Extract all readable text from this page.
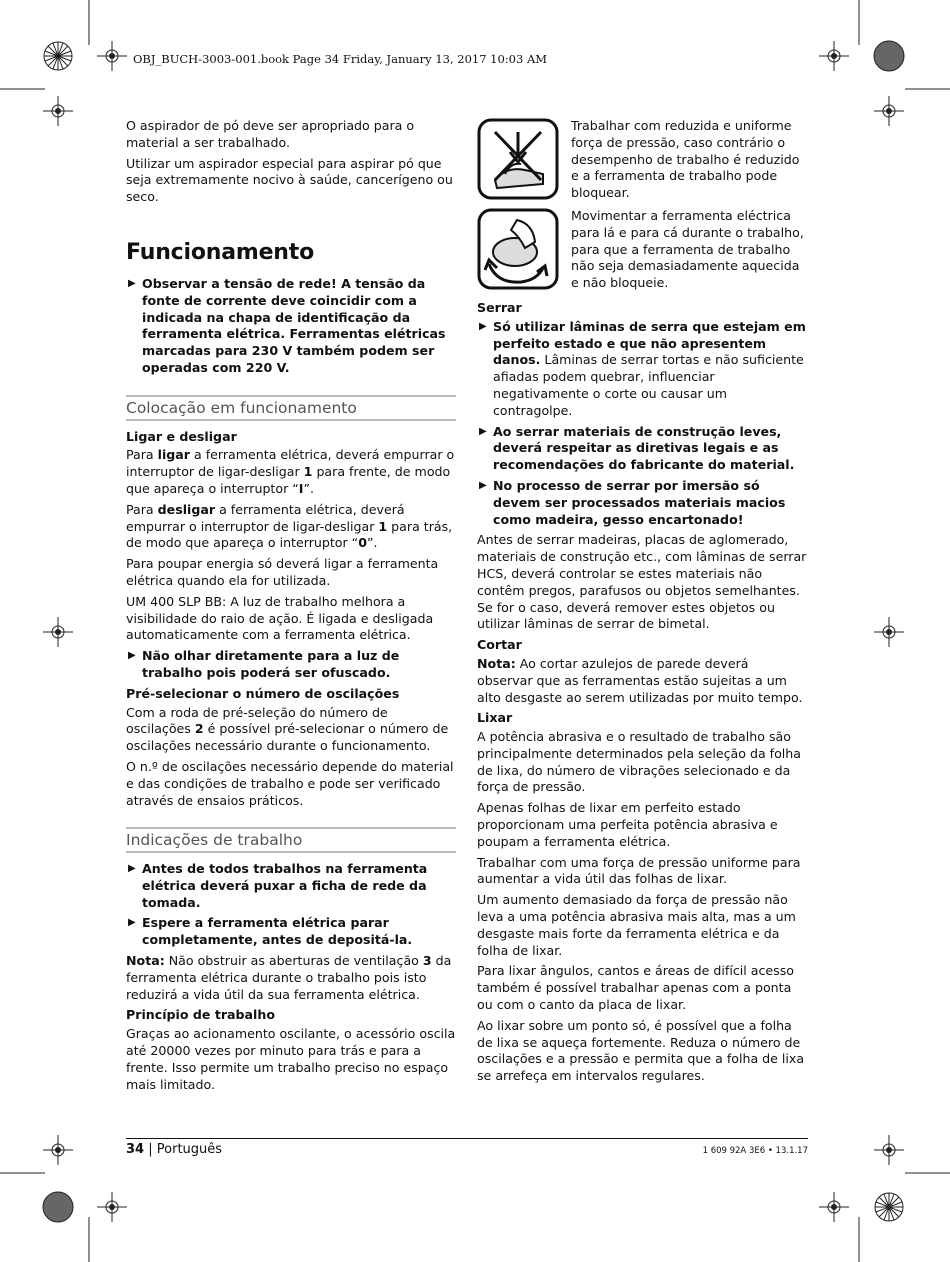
OBJ_BUCH-3003-001.book Page 34 Friday, January 13, 2017 10:03 AM

O aspirador de pó deve ser apropriado para o material a ser trabalhado.

Utilizar um aspirador especial para aspirar pó que seja extremamente nocivo à saúde, cancerígeno ou seco.

Funcionamento
▶ Observar a tensão de rede! A tensão da fonte de corrente deve coincidir com a indicada na chapa de identificação da ferramenta elétrica. Ferramentas elétricas marcadas para 230 V também podem ser operadas com 220 V.
Colocação em funcionamento
Ligar e desligar

Para ligar a ferramenta elétrica, deverá empurrar o interruptor de ligar-desligar 1 para frente, de modo que apareça o interruptor “I”.

Para desligar a ferramenta elétrica, deverá empurrar o interruptor de ligar-desligar 1 para trás, de modo que apareça o interruptor “0”.

Para poupar energia só deverá ligar a ferramenta elétrica quando ela for utilizada.

UM 400 SLP BB: A luz de trabalho melhora a visibilidade do raio de ação. É ligada e desligada automaticamente com a ferramenta elétrica.

▶ Não olhar diretamente para a luz de trabalho pois poderá ser ofuscado.
Pré-selecionar o número de oscilações

Com a roda de pré-seleção do número de oscilações 2 é possível pré-selecionar o número de oscilações necessário durante o funcionamento.

O n.º de oscilações necessário depende do material e das condições de trabalho e pode ser verificado através de ensaios práticos.

Indicações de trabalho
▶ Antes de todos trabalhos na ferramenta elétrica deverá puxar a ficha de rede da tomada.
▶ Espere a ferramenta elétrica parar completamente, antes de depositá-la.

Nota: Não obstruir as aberturas de ventilação 3 da ferramenta elétrica durante o trabalho pois isto reduzirá a vida útil da sua ferramenta elétrica.

Princípio de trabalho

Graças ao acionamento oscilante, o acessório oscila até 20000 vezes por minuto para trás e para a frente. Isso permite um trabalho preciso no espaço mais limitado.

Trabalhar com reduzida e uniforme força de pressão, caso contrário o desempenho de trabalho é reduzido e a ferramenta de trabalho pode bloquear.
Movimentar a ferramenta eléctrica para lá e para cá durante o trabalho, para que a ferramenta de trabalho não seja demasiadamente aquecida e não bloqueie.
Serrar
▶ Só utilizar lâminas de serra que estejam em perfeito estado e que não apresentem danos. Lâminas de serrar tortas e não suficiente afiadas podem quebrar, influenciar negativamente o corte ou causar um contragolpe.
▶ Ao serrar materiais de construção leves, deverá respeitar as diretivas legais e as recomendações do fabricante do material.
▶ No processo de serrar por imersão só devem ser processados materiais macios como madeira, gesso encartonado!

Antes de serrar madeiras, placas de aglomerado, materiais de construção etc., com lâminas de serrar HCS, deverá controlar se estes materiais não contêm pregos, parafusos ou objetos semelhantes. Se for o caso, deverá remover estes objetos ou utilizar lâminas de serrar de bimetal.

Cortar

Nota: Ao cortar azulejos de parede deverá observar que as ferramentas estão sujeitas a um alto desgaste ao serem utilizadas por muito tempo.

Lixar

A potência abrasiva e o resultado de trabalho são principalmente determinados pela seleção da folha de lixa, do número de vibrações selecionado e da força de pressão.

Apenas folhas de lixar em perfeito estado proporcionam uma perfeita potência abrasiva e poupam a ferramenta elétrica.

Trabalhar com uma força de pressão uniforme para aumentar a vida útil das folhas de lixar.

Um aumento demasiado da força de pressão não leva a uma potência abrasiva mais alta, mas a um desgaste mais forte da ferramenta elétrica e da folha de lixar.

Para lixar ângulos, cantos e áreas de difícil acesso também é possível trabalhar apenas com a ponta ou com o canto da placa de lixar.

Ao lixar sobre um ponto só, é possível que a folha de lixa se aqueça fortemente. Reduza o número de oscilações e a pressão e permita que a folha de lixa se arrefeça em intervalos regulares.

34 | Português	1 609 92A 3E6 • 13.1.17
